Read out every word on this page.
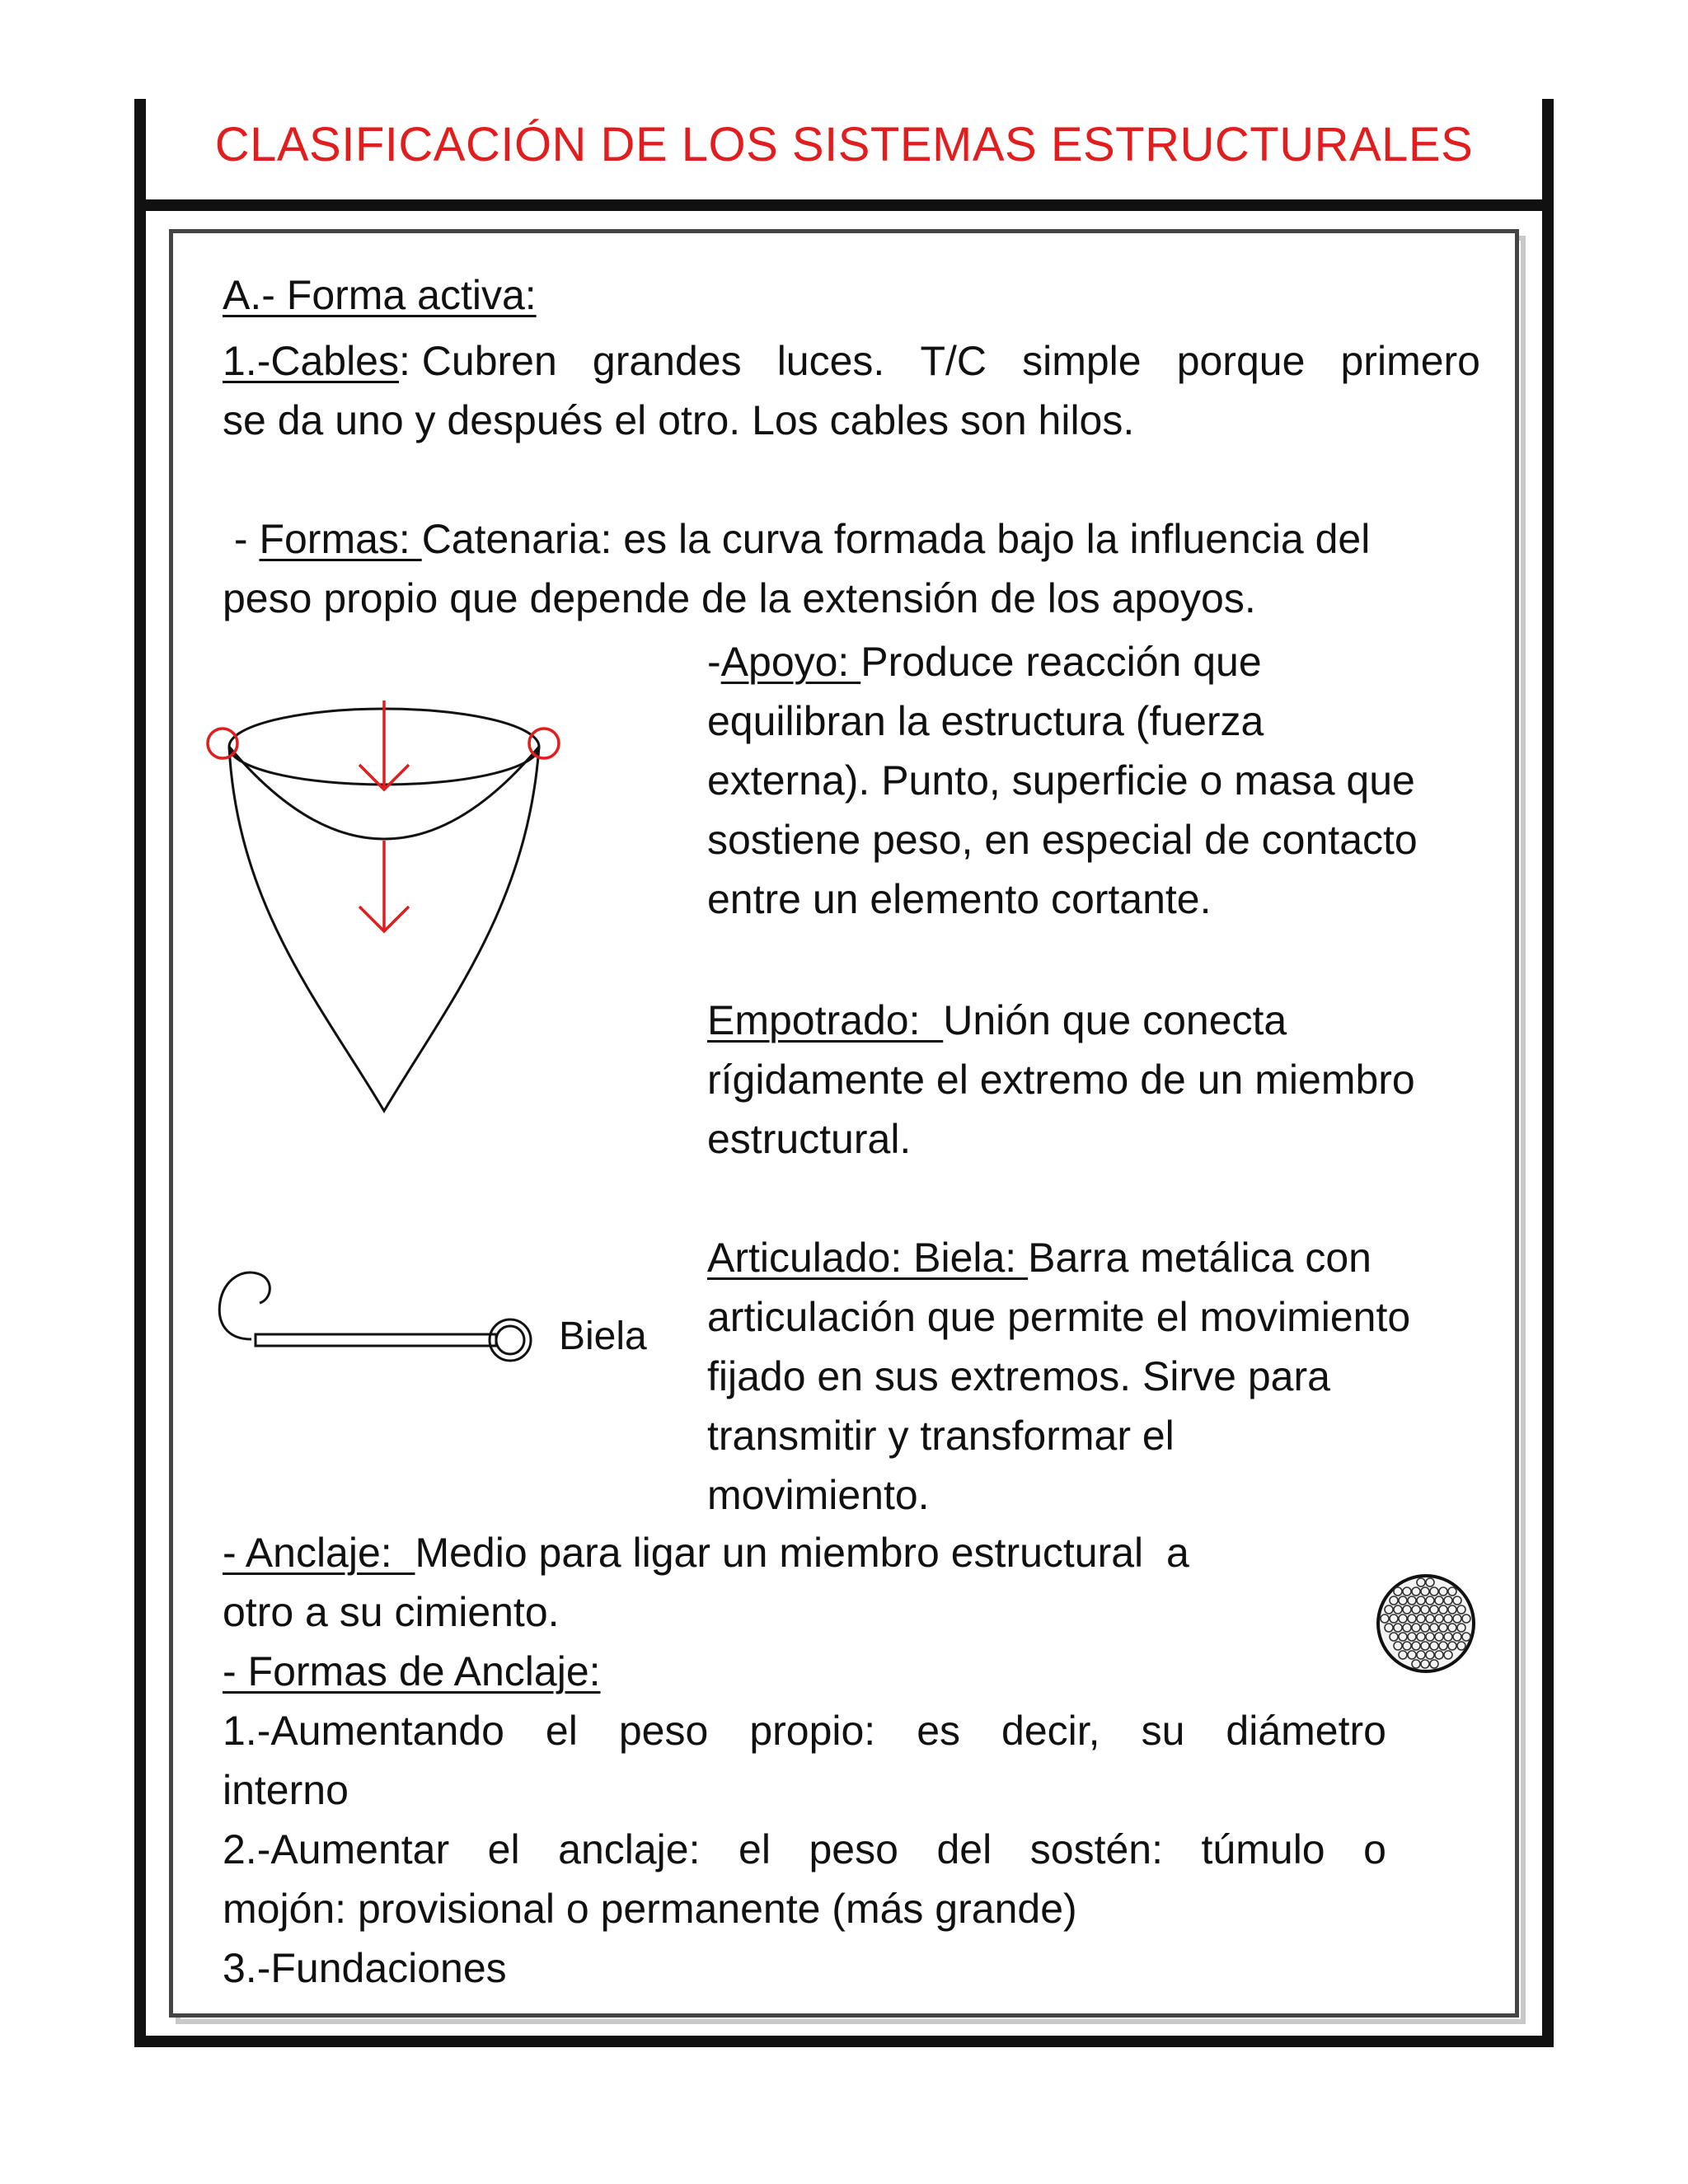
CLASIFICACIÓN DE LOS SISTEMAS ESTRUCTURALES
A.- Forma activa:
1.-Cables: Cubren grandes luces. T/C simple porque primero
se da uno y después el otro. Los cables son hilos.
- Formas: Catenaria: es la curva formada bajo la influencia del
peso propio que depende de la extensión de los apoyos.
-Apoyo: Produce reacción que
equilibran la estructura (fuerza
externa). Punto, superficie o masa que
sostiene peso, en especial de contacto
entre un elemento cortante.
Empotrado:  Unión que conecta
rígidamente el extremo de un miembro
estructural.
Articulado: Biela: Barra metálica con
articulación que permite el movimiento
fijado en sus extremos. Sirve para
transmitir y transformar el
movimiento.
Biela
- Anclaje:  Medio para ligar un miembro estructural  a
otro a su cimiento.
- Formas de Anclaje:
1.-Aumentando el peso propio: es decir, su diámetro
interno
2.-Aumentar el anclaje: el peso del sostén: túmulo o
mojón: provisional o permanente (más grande)
3.-Fundaciones
